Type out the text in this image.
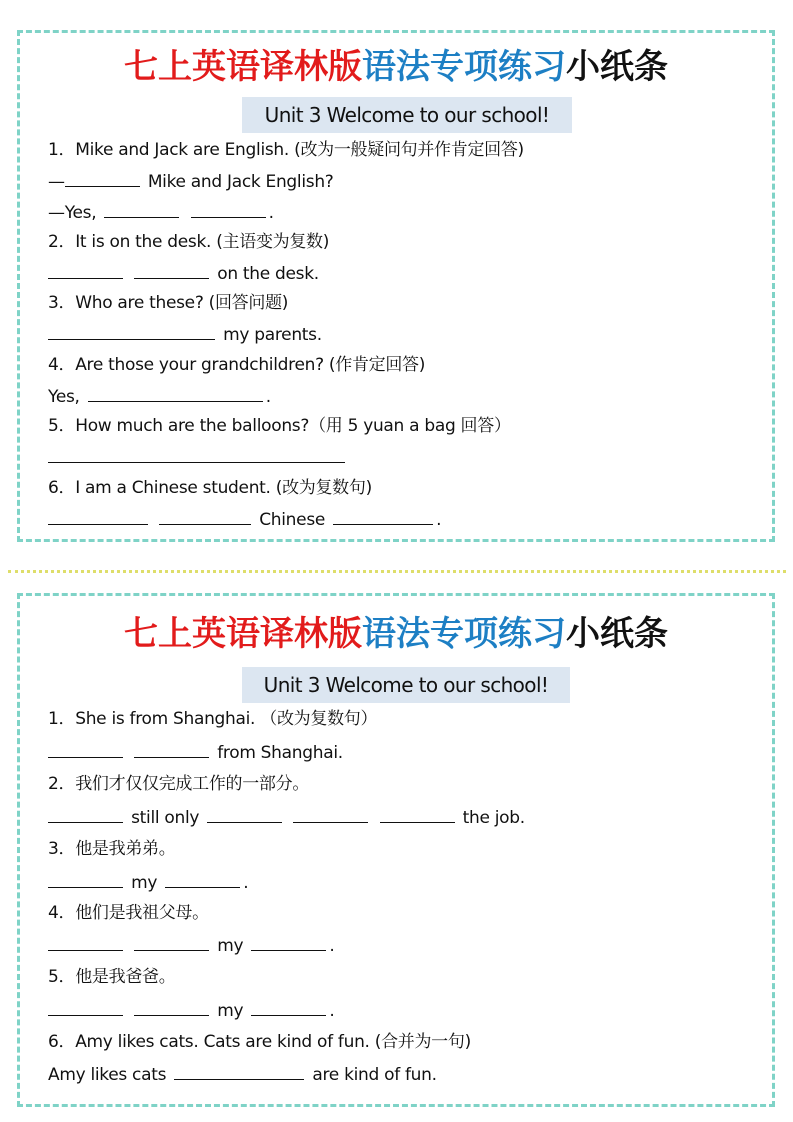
七上英语译林版语法专项练习小纸条
Unit 3 Welcome to our school!
1．Mike and Jack are English. (改为一般疑问句并作肯定回答)
—	Mike and Jack English?
—Yes,	.
2．It is on the desk. (主语变为复数)
on the desk.
3．Who are these? (回答问题)
my parents.
4．Are those your grandchildren? (作肯定回答)
Yes,	.
5．How much are the balloons?（用 5 yuan a bag 回答）
6．I am a Chinese student. (改为复数句)
Chinese	.
七上英语译林版语法专项练习小纸条
Unit 3 Welcome to our school!
1．She is from Shanghai. （改为复数句）
from Shanghai.
2．我们才仅仅完成工作的一部分。
still only	the job.
3．他是我弟弟。
my	.
4．他们是我祖父母。
my	.
5．他是我爸爸。
my	.
6．Amy likes cats. Cats are kind of fun. (合并为一句)
Amy likes cats	are kind of fun.
